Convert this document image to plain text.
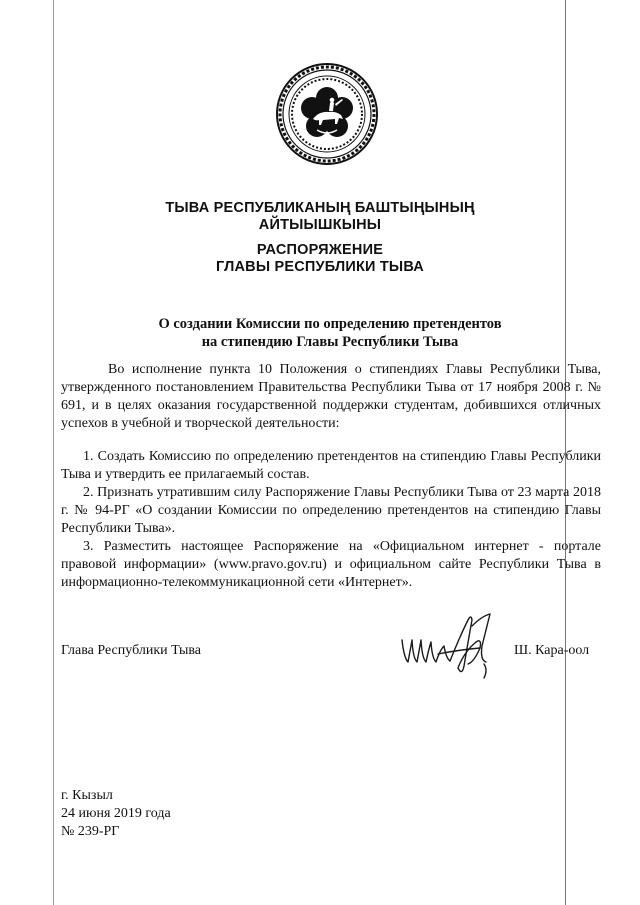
ТЫВА РЕСПУБЛИКАНЫҢ БАШТЫҢЫНЫҢ
АЙТЫЫШКЫНЫ
РАСПОРЯЖЕНИЕ
ГЛАВЫ РЕСПУБЛИКИ ТЫВА
О создании Комиссии по определению претендентов
на стипендию Главы Республики Тыва
Во исполнение пункта 10 Положения о стипендиях Главы Республики Тыва, утвержденного постановлением Правительства Республики Тыва от 17 ноября 2008 г. № 691, и в целях оказания государственной поддержки студентам, добившихся отличных успехов в учебной и творческой деятельности:
1. Создать Комиссию по определению претендентов на стипендию Главы Республики Тыва и утвердить ее прилагаемый состав.
2. Признать утратившим силу Распоряжение Главы Республики Тыва от 23 марта 2018 г. № 94-РГ «О создании Комиссии по определению претендентов на стипендию Главы Республики Тыва».
3. Разместить настоящее Распоряжение на «Официальном интернет - портале правовой информации» (www.pravo.gov.ru) и официальном сайте Республики Тыва в информационно-телекоммуникационной сети «Интернет».
Глава Республики Тыва	Ш. Кара-оол
г. Кызыл
24 июня 2019 года
№ 239-РГ
